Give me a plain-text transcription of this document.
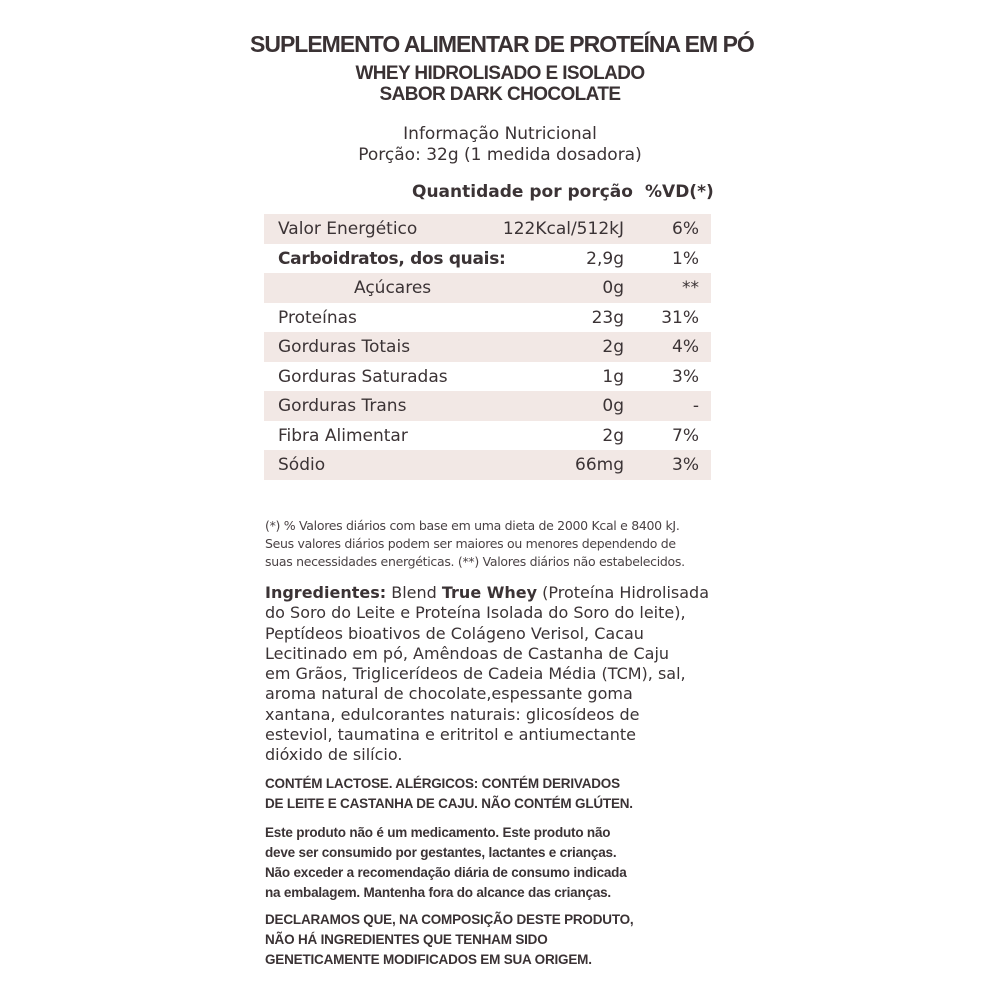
SUPLEMENTO ALIMENTAR DE PROTEÍNA EM PÓ
WHEY HIDROLISADO E ISOLADO
SABOR DARK CHOCOLATE
Informação Nutricional
Porção: 32g (1 medida dosadora)
Quantidade por porção %VD(*)
Valor Energético	122Kcal/512kJ	6%
Carboidratos, dos quais:	2,9g	1%
Açúcares	0g	**
Proteínas	23g 31%
Gorduras Totais	2g	4%
Gorduras Saturadas	1g	3%
Gorduras Trans	0g	-
Fibra Alimentar	2g	7%
Sódio	66mg	3%
(*) % Valores diários com base em uma dieta de 2000 Kcal e 8400 kJ.
Seus valores diários podem ser maiores ou menores dependendo de
suas necessidades energéticas. (**) Valores diários não estabelecidos.
Ingredientes: Blend True Whey (Proteína Hidrolisada
do Soro do Leite e Proteína Isolada do Soro do leite),
Peptídeos bioativos de Colágeno Verisol, Cacau
Lecitinado em pó, Amêndoas de Castanha de Caju
em Grãos, Triglicerídeos de Cadeia Média (TCM), sal,
aroma natural de chocolate,espessante goma
xantana, edulcorantes naturais: glicosídeos de
esteviol, taumatina e eritritol e antiumectante
dióxido de silício.
CONTÉM LACTOSE. ALÉRGICOS: CONTÉM DERIVADOS
DE LEITE E CASTANHA DE CAJU. NÃO CONTÉM GLÚTEN.
Este produto não é um medicamento. Este produto não
deve ser consumido por gestantes, lactantes e crianças.
Não exceder a recomendação diária de consumo indicada
na embalagem. Mantenha fora do alcance das crianças.
DECLARAMOS QUE, NA COMPOSIÇÃO DESTE PRODUTO,
NÃO HÁ INGREDIENTES QUE TENHAM SIDO
GENETICAMENTE MODIFICADOS EM SUA ORIGEM.
